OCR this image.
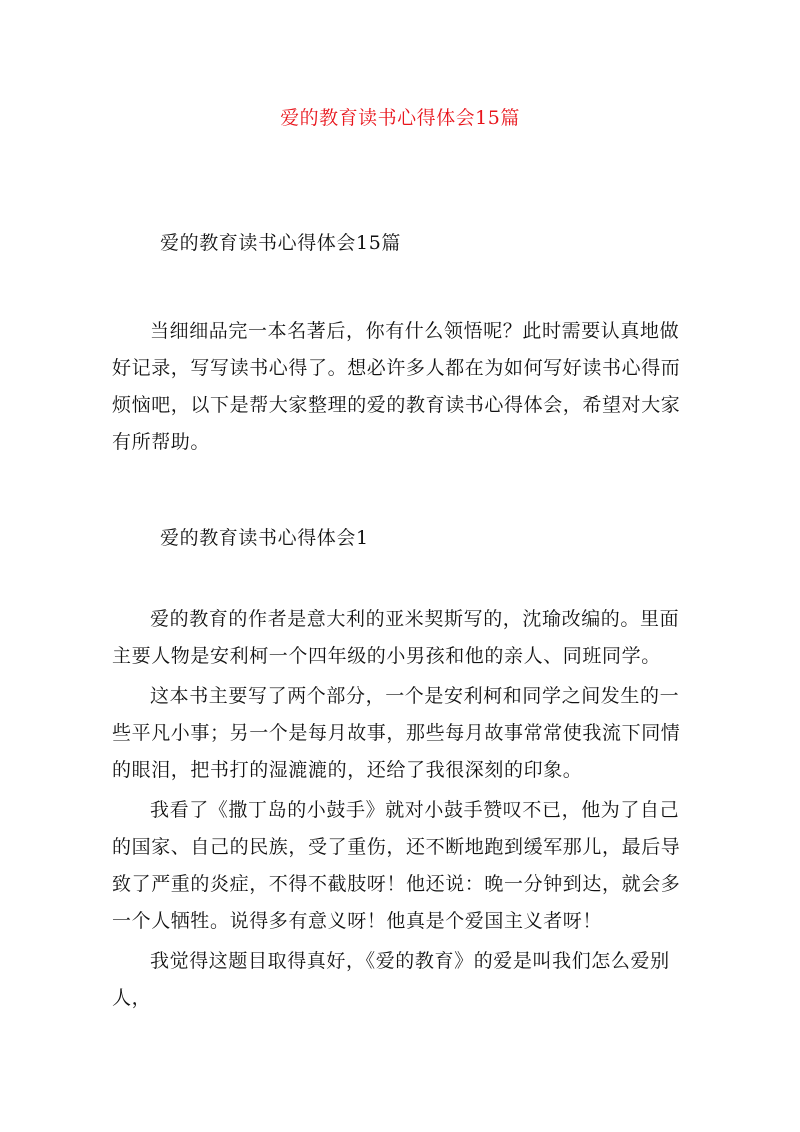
爱的教育读书心得体会15篇
爱的教育读书心得体会15篇

当细细品完一本名著后，你有什么领悟呢？此时需要认真地做好记录，写写读书心得了。想必许多人都在为如何写好读书心得而烦恼吧，以下是帮大家整理的爱的教育读书心得体会，希望对大家有所帮助。

爱的教育读书心得体会1

爱的教育的作者是意大利的亚米契斯写的，沈瑜改编的。里面主要人物是安利柯一个四年级的小男孩和他的亲人、同班同学。

这本书主要写了两个部分，一个是安利柯和同学之间发生的一些平凡小事；另一个是每月故事，那些每月故事常常使我流下同情的眼泪，把书打的湿漉漉的，还给了我很深刻的印象。

我看了《撒丁岛的小鼓手》就对小鼓手赞叹不已，他为了自己的国家、自己的民族，受了重伤，还不断地跑到缓军那儿，最后导致了严重的炎症，不得不截肢呀！他还说：晚一分钟到达，就会多一个人牺牲。说得多有意义呀！他真是个爱国主义者呀！

我觉得这题目取得真好，《爱的教育》的爱是叫我们怎么爱别人，
